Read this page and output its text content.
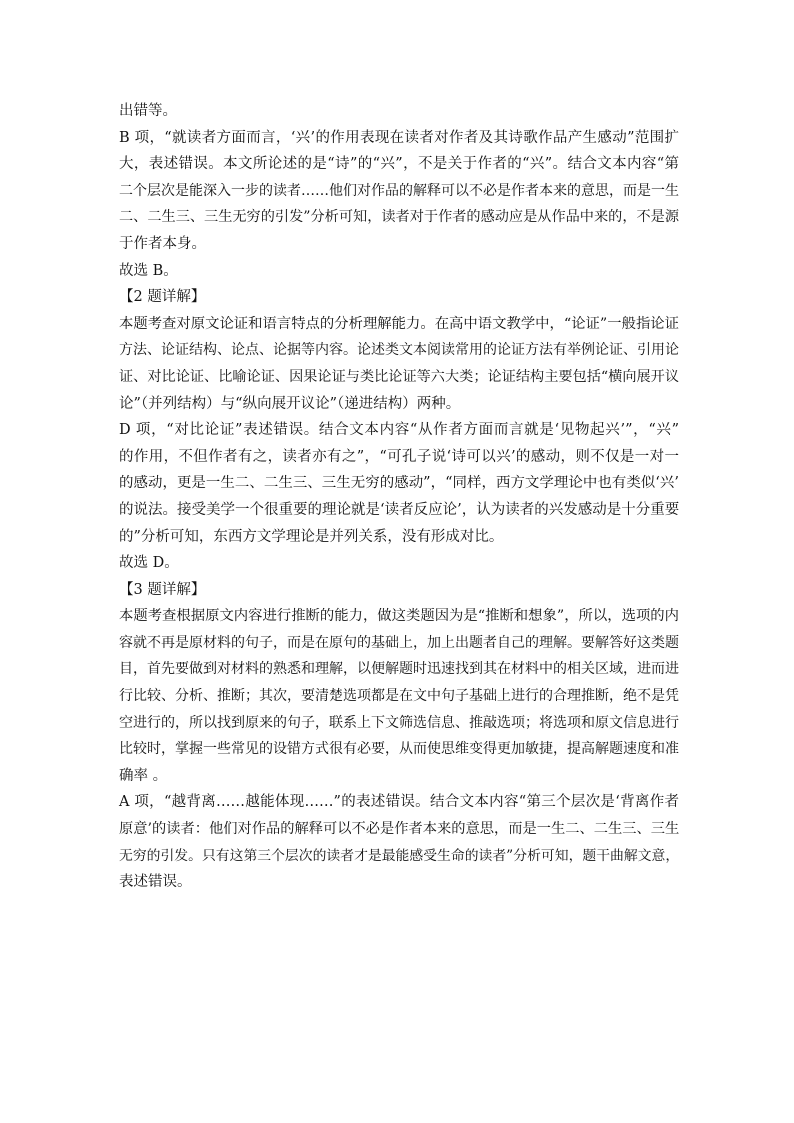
出错等。
B 项，“就读者方面而言，‘兴’的作用表现在读者对作者及其诗歌作品产生感动”范围扩
大，表述错误。本文所论述的是“诗”的“兴”，不是关于作者的“兴”。结合文本内容“第
二个层次是能深入一步的读者……他们对作品的解释可以不必是作者本来的意思，而是一生
二、二生三、三生无穷的引发”分析可知，读者对于作者的感动应是从作品中来的，不是源
于作者本身。
故选 B。
【2 题详解】
本题考查对原文论证和语言特点的分析理解能力。在高中语文教学中，“论证”一般指论证
方法、论证结构、论点、论据等内容。论述类文本阅读常用的论证方法有举例论证、引用论
证、对比论证、比喻论证、因果论证与类比论证等六大类；论证结构主要包括“横向展开议
论”（并列结构）与“纵向展开议论”（递进结构）两种。
D 项，“对比论证”表述错误。结合文本内容“从作者方面而言就是‘见物起兴’”，“兴”
的作用，不但作者有之，读者亦有之”，“可孔子说‘诗可以兴’的感动，则不仅是一对一
的感动，更是一生二、二生三、三生无穷的感动”，“同样，西方文学理论中也有类似‘兴’
的说法。接受美学一个很重要的理论就是‘读者反应论’，认为读者的兴发感动是十分重要
的”分析可知，东西方文学理论是并列关系，没有形成对比。
故选 D。
【3 题详解】
本题考查根据原文内容进行推断的能力，做这类题因为是“推断和想象”，所以，选项的内
容就不再是原材料的句子，而是在原句的基础上，加上出题者自己的理解。要解答好这类题
目，首先要做到对材料的熟悉和理解，以便解题时迅速找到其在材料中的相关区域，进而进
行比较、分析、推断；其次，要清楚选项都是在文中句子基础上进行的合理推断，绝不是凭
空进行的，所以找到原来的句子，联系上下文筛选信息、推敲选项；将选项和原文信息进行
比较时，掌握一些常见的设错方式很有必要，从而使思维变得更加敏捷，提高解题速度和准
确率 。
A 项，“越背离……越能体现……”的表述错误。结合文本内容“第三个层次是‘背离作者
原意’的读者：他们对作品的解释可以不必是作者本来的意思，而是一生二、二生三、三生
无穷的引发。只有这第三个层次的读者才是最能感受生命的读者”分析可知，题干曲解文意，
表述错误。
